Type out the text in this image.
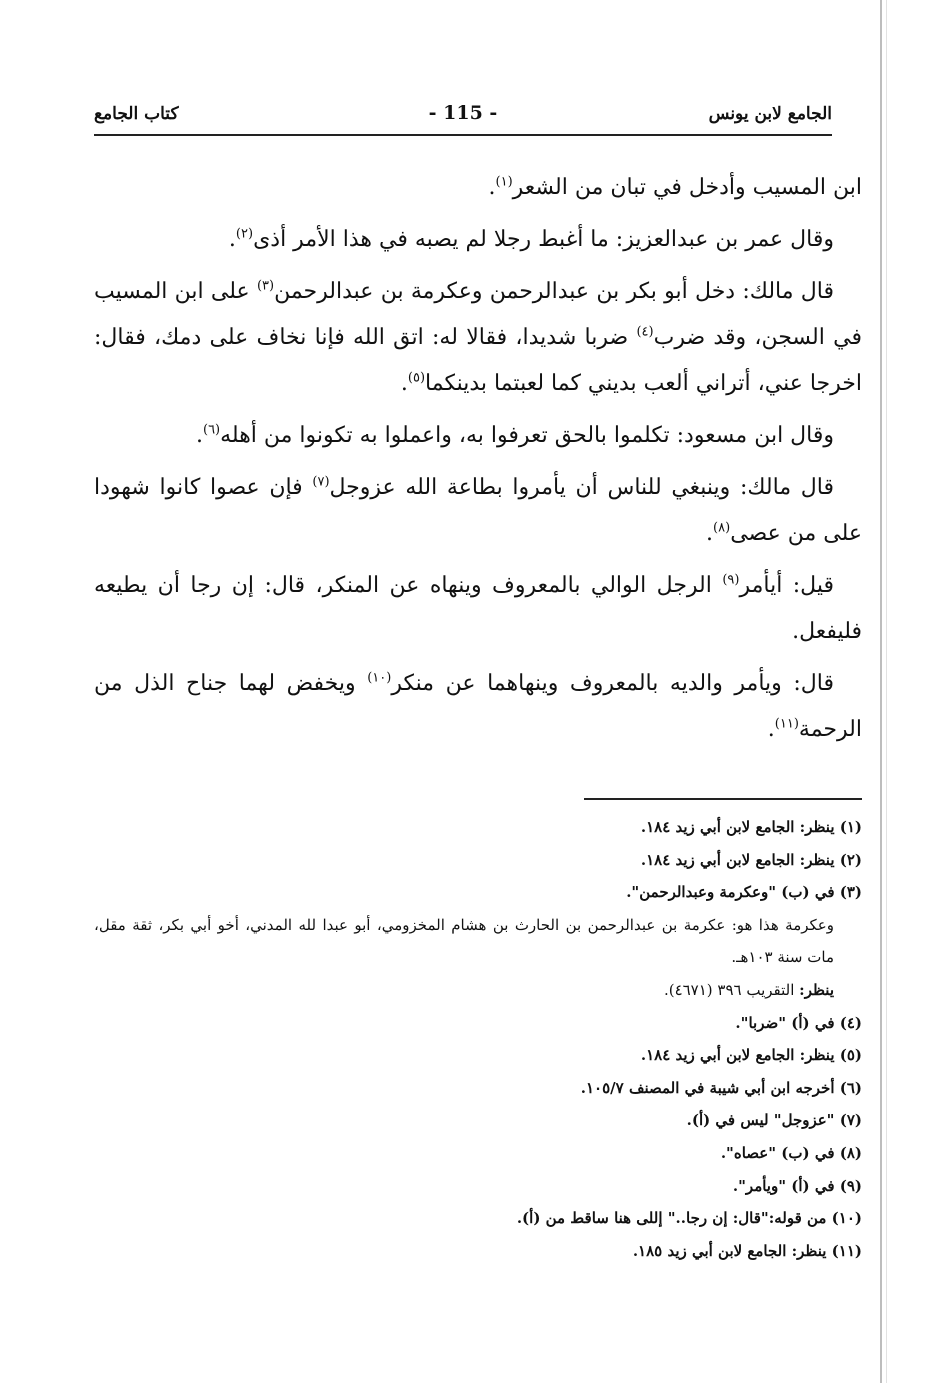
الجامع لابن يونس
- 115 -
كتاب الجامع

ابن المسيب وأدخل في تبان من الشعر$^{(١)}$.

وقال عمر بن عبدالعزيز: ما أغبط رجلا لم يصبه في هذا الأمر أذى$^{(٢)}$.

قال مالك: دخل أبو بكر بن عبدالرحمن وعكرمة بن عبدالرحمن$^{(٣)}$ على ابن المسيب في السجن، وقد ضرب$^{(٤)}$ ضربا شديدا، فقالا له: اتق الله فإنا نخاف على دمك، فقال: اخرجا عني، أتراني ألعب بديني كما لعبتما بدينكما$^{(٥)}$.

وقال ابن مسعود: تكلموا بالحق تعرفوا به، واعملوا به تكونوا من أهله$^{(٦)}$.

قال مالك: وينبغي للناس أن يأمروا بطاعة الله عزوجل$^{(٧)}$ فإن عصوا كانوا شهودا على من عصى$^{(٨)}$.

قيل: أيأمر$^{(٩)}$ الرجل الوالي بالمعروف وينهاه عن المنكر، قال: إن رجا أن يطيعه فليفعل.

قال: ويأمر والديه بالمعروف وينهاهما عن منكر$^{(١٠)}$ ويخفض لهما جناح الذل من الرحمة$^{(١١)}$.

(١) ينظر: الجامع لابن أبي زيد ١٨٤.

(٢) ينظر: الجامع لابن أبي زيد ١٨٤.

(٣) في (ب) "وعكرمة وعبدالرحمن".

وعكرمة هذا هو: عكرمة بن عبدالرحمن بن الحارث بن هشام المخزومي، أبو عبدا لله المدني، أخو أبي بكر، ثقة مقل، مات سنة ١٠٣هـ.

ينظر: التقريب ٣٩٦ (٤٦٧١).

(٤) في (أ) "ضربا".

(٥) ينظر: الجامع لابن أبي زيد ١٨٤.

(٦) أخرجه ابن أبي شيبة في المصنف ١٠٥/٧.

(٧) "عزوجل" ليس في (أ).

(٨) في (ب) "عصاه".

(٩) في (أ) "ويأمر".

(١٠) من قوله:"قال: إن رجا.." إللى هنا ساقط من (أ).

(١١) ينظر: الجامع لابن أبي زيد ١٨٥.
